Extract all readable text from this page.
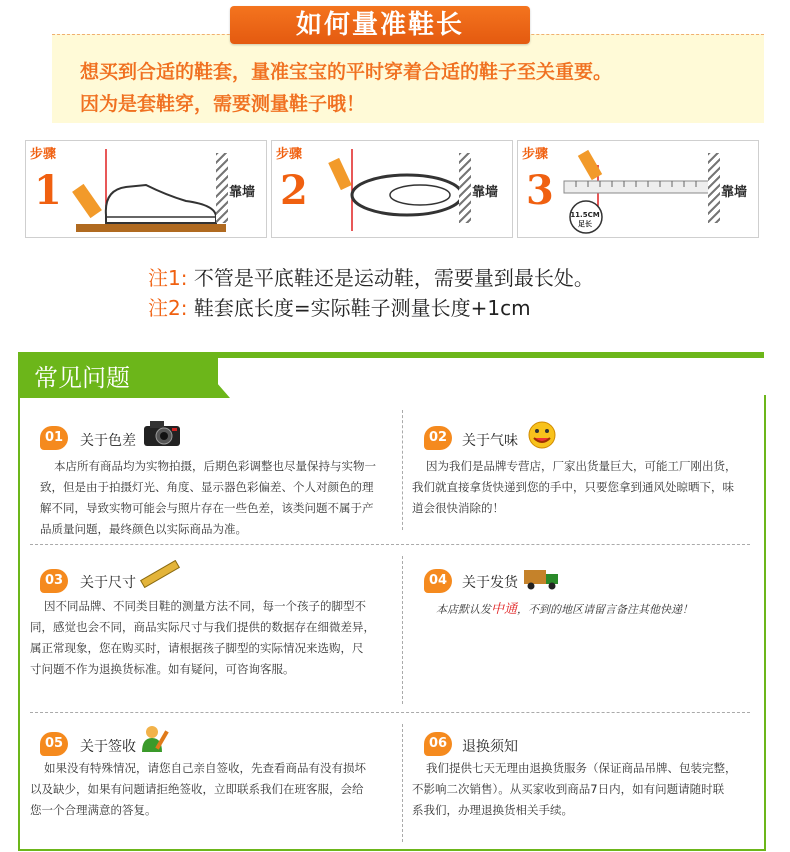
想买到合适的鞋套，量准宝宝的平时穿着合适的鞋子至关重要。

因为是套鞋穿，需要测量鞋子哦！

如何量准鞋长
步骤
1	靠墙
步骤
2	靠墙
步骤
3
11.5CM
足长
靠墙
注1: 不管是平底鞋还是运动鞋，需要量到最长处。
注2: 鞋套底长度=实际鞋子测量长度+1cm
常见问题
01	关于色差
本店所有商品均为实物拍摄，后期色彩调整也尽量保持与实物一
致，但是由于拍摄灯光、角度、显示器色彩偏差、个人对颜色的理
解不同，导致实物可能会与照片存在一些色差，该类问题不属于产
品质量问题，最终颜色以实际商品为准。
02	关于气味
因为我们是品牌专营店，厂家出货量巨大，可能工厂刚出货，
我们就直接拿货快递到您的手中，只要您拿到通风处晾晒下，味
道会很快消除的！
03	关于尺寸
因不同品牌、不同类目鞋的测量方法不同，每一个孩子的脚型不
同，感觉也会不同，商品实际尺寸与我们提供的数据存在细微差异，
属正常现象，您在购买时，请根据孩子脚型的实际情况来选购，尺
寸问题不作为退换货标准。如有疑问，可咨询客服。
04	关于发货
本店默认发中通，不到的地区请留言备注其他快递！
05	关于签收
如果没有特殊情况，请您自己亲自签收，先查看商品有没有损坏
以及缺少，如果有问题请拒绝签收，立即联系我们在班客服，会给
您一个合理满意的答复。
06	退换须知
我们提供七天无理由退换货服务（保证商品吊牌、包装完整，
不影响二次销售）。从买家收到商品7日内，如有问题请随时联
系我们，办理退换货相关手续。
